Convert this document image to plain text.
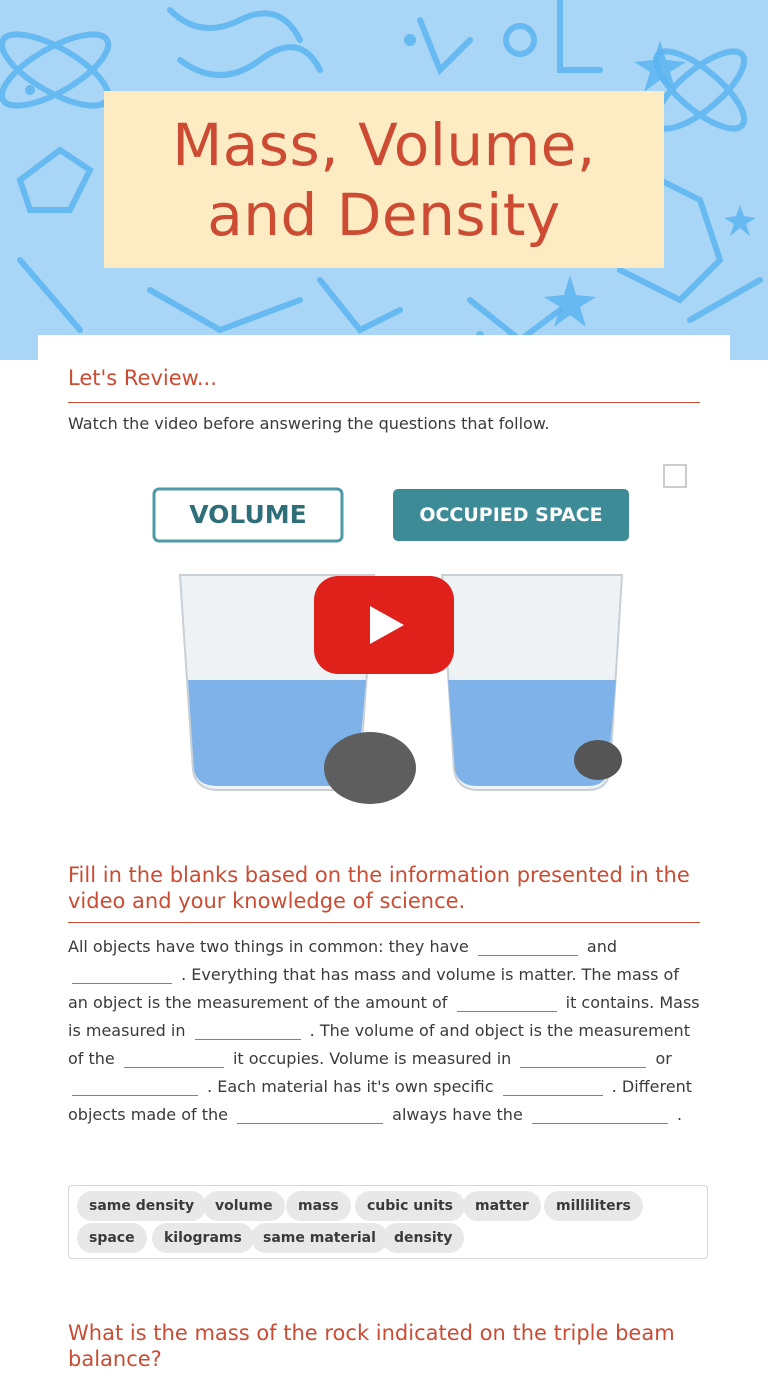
Mass, Volume,
and Density
Let's Review...
Watch the video before answering the questions that follow.
VOLUME	OCCUPIED SPACE
Fill in the blanks based on the information presented in the video and your knowledge of science.
All objects have two things in common: they have	and  . Everything that has mass and volume is matter. The mass of an object is the measurement of the amount of	it contains. Mass is measured in	. The volume of and object is the measurement of the	it occupies. Volume is measured in	or  . Each material has it's own specific	. Different objects made of the	always have the	.
same density	volume	mass	cubic units	matter	milliliters
space	kilograms	same material	density
What is the mass of the rock indicated on the triple beam balance?
